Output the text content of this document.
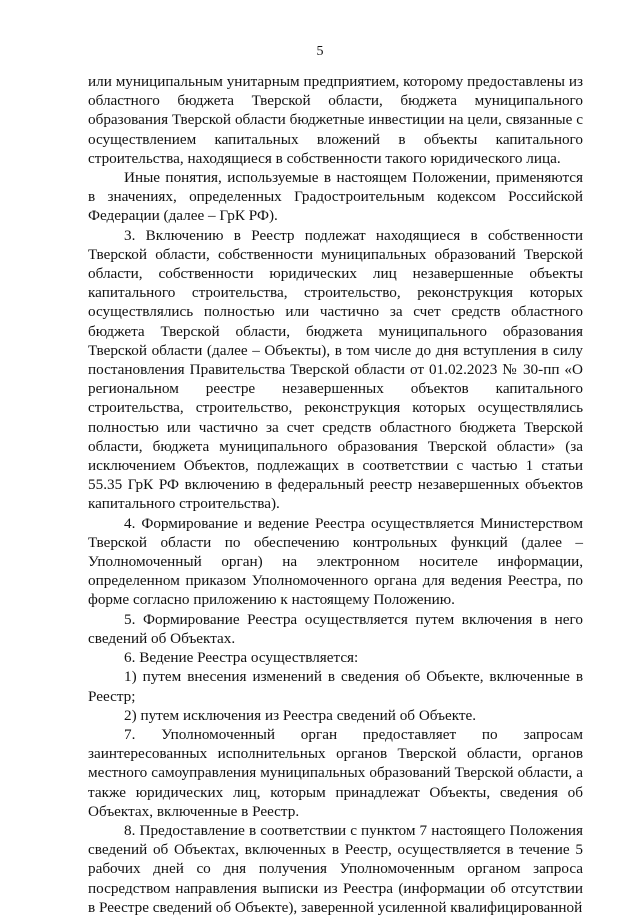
5

или муниципальным унитарным предприятием, которому предоставлены из областного бюджета Тверской области, бюджета муниципального образования Тверской области бюджетные инвестиции на цели, связанные с осуществлением капитальных вложений в объекты капитального строительства, находящиеся в собственности такого юридического лица.

Иные понятия, используемые в настоящем Положении, применяются в значениях, определенных Градостроительным кодексом Российской Федерации (далее – ГрК РФ).

3. Включению в Реестр подлежат находящиеся в собственности Тверской области, собственности муниципальных образований Тверской области, собственности юридических лиц незавершенные объекты капитального строительства, строительство, реконструкция которых осуществлялись полностью или частично за счет средств областного бюджета Тверской области, бюджета муниципального образования Тверской области (далее – Объекты), в том числе до дня вступления в силу постановления Правительства Тверской области от 01.02.2023 № 30-пп «О региональном реестре незавершенных объектов капитального строительства, строительство, реконструкция которых осуществлялись полностью или частично за счет средств областного бюджета Тверской области, бюджета муниципального образования Тверской области» (за исключением Объектов, подлежащих в соответствии с частью 1 статьи 55.35 ГрК РФ включению в федеральный реестр незавершенных объектов капитального строительства).

4. Формирование и ведение Реестра осуществляется Министерством Тверской области по обеспечению контрольных функций (далее – Уполномоченный орган) на электронном носителе информации, определенном приказом Уполномоченного органа для ведения Реестра, по форме согласно приложению к настоящему Положению.

5. Формирование Реестра осуществляется путем включения в него сведений об Объектах.

6. Ведение Реестра осуществляется:

1) путем внесения изменений в сведения об Объекте, включенные в Реестр;

2) путем исключения из Реестра сведений об Объекте.

7. Уполномоченный орган предоставляет по запросам заинтересованных исполнительных органов Тверской области, органов местного самоуправления муниципальных образований Тверской области, а также юридических лиц, которым принадлежат Объекты, сведения об Объектах, включенные в Реестр.

8. Предоставление в соответствии с пунктом 7 настоящего Положения сведений об Объектах, включенных в Реестр, осуществляется в течение 5 рабочих дней со дня получения Уполномоченным органом запроса посредством направления выписки из Реестра (информации об отсутствии в Реестре сведений об Объекте), заверенной усиленной квалифицированной
